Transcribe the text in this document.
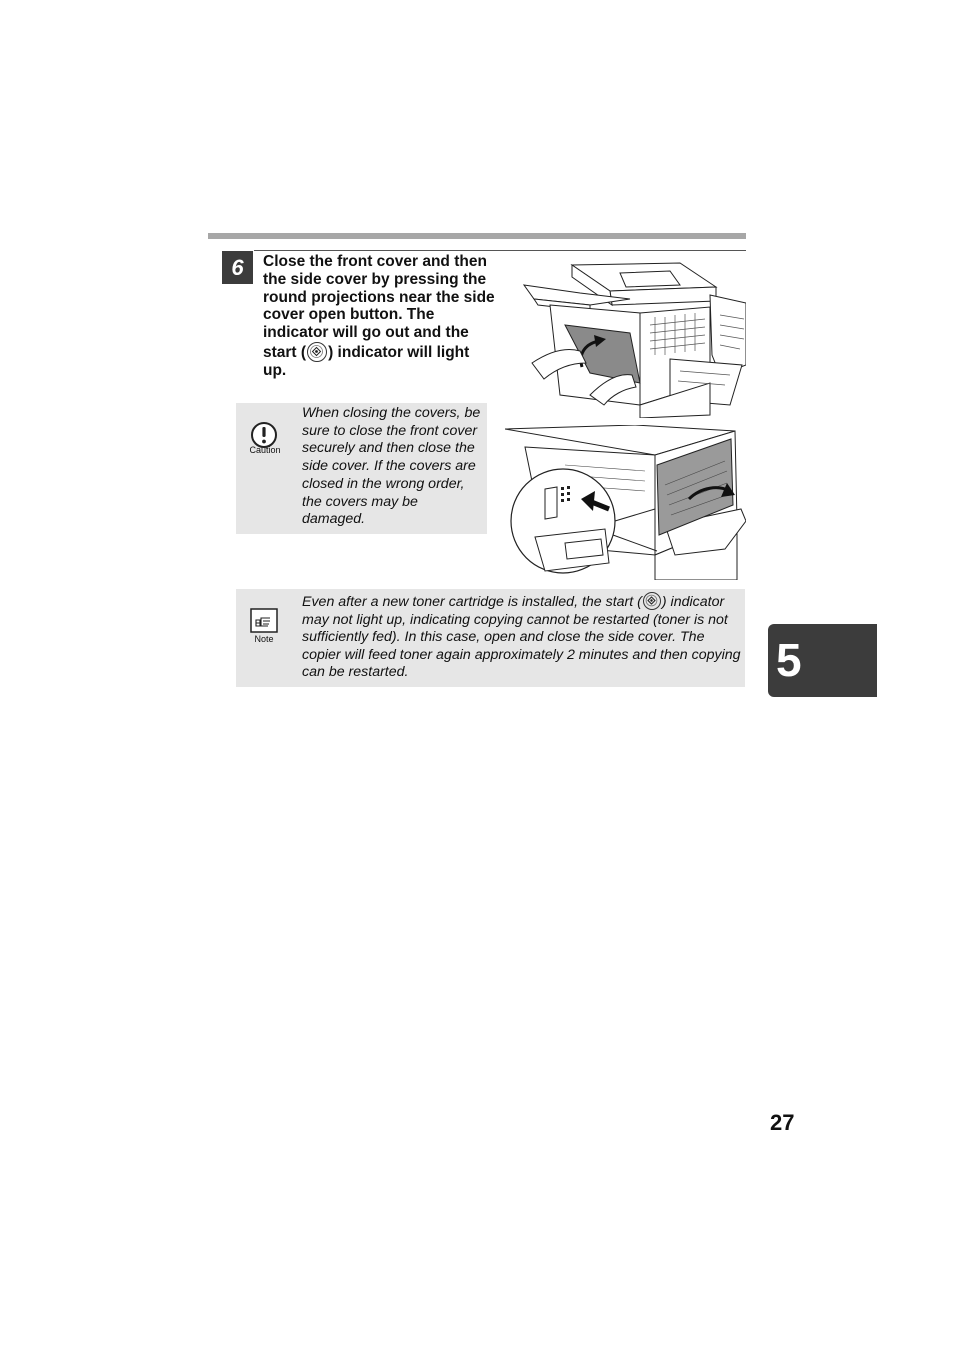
6	Close the front cover and then the side cover by pressing the round projections near the side cover open button. The indicator will go out and the start ( ) indicator will light up.

Caution

When closing the covers, be sure to close the front cover securely and then close the side cover. If the covers are closed in the wrong order, the covers may be damaged.

Note

Even after a new toner cartridge is installed, the start ( ) indicator may not light up, indicating copying cannot be restarted (toner is not sufficiently fed). In this case, open and close the side cover. The copier will feed toner again approximately 2 minutes and then copying can be restarted.	5
27
